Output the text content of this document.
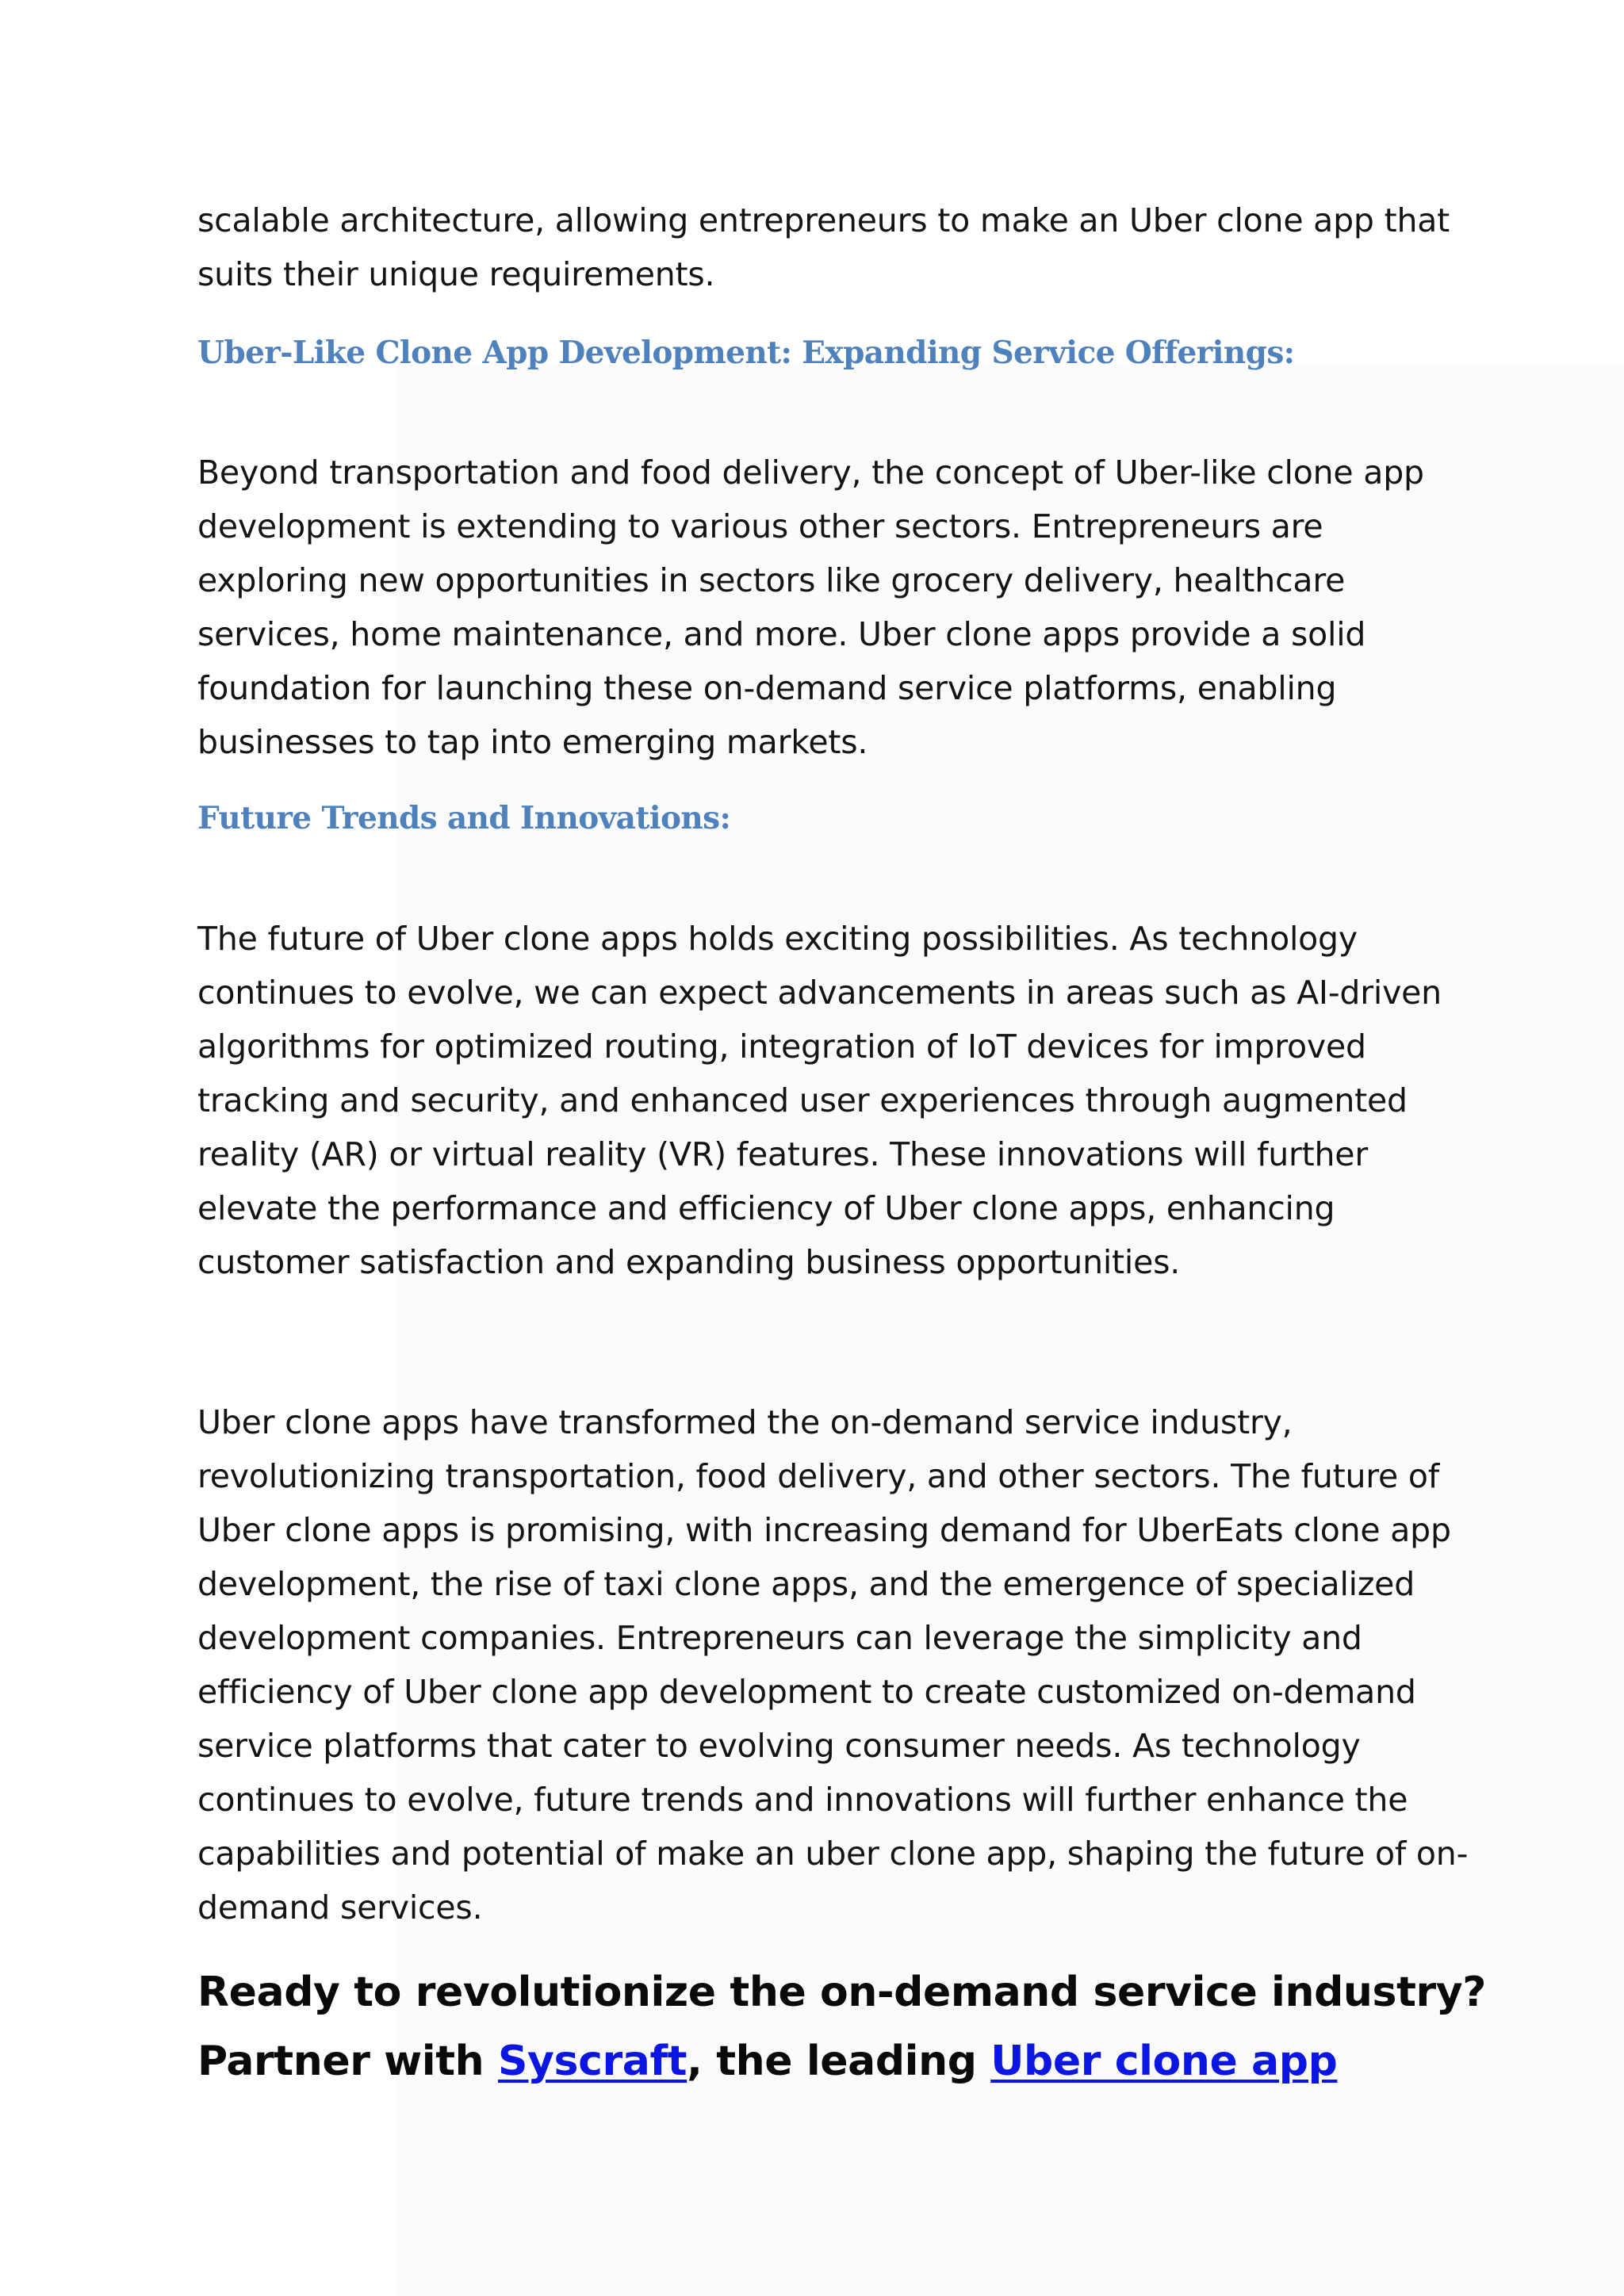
scalable architecture, allowing entrepreneurs to make an Uber clone app that
suits their unique requirements.

Uber-Like Clone App Development: Expanding Service Offerings:

Beyond transportation and food delivery, the concept of Uber-like clone app
development is extending to various other sectors. Entrepreneurs are
exploring new opportunities in sectors like grocery delivery, healthcare
services, home maintenance, and more. Uber clone apps provide a solid
foundation for launching these on-demand service platforms, enabling
businesses to tap into emerging markets.

Future Trends and Innovations:

The future of Uber clone apps holds exciting possibilities. As technology
continues to evolve, we can expect advancements in areas such as AI-driven
algorithms for optimized routing, integration of IoT devices for improved
tracking and security, and enhanced user experiences through augmented
reality (AR) or virtual reality (VR) features. These innovations will further
elevate the performance and efficiency of Uber clone apps, enhancing
customer satisfaction and expanding business opportunities.

Uber clone apps have transformed the on-demand service industry,
revolutionizing transportation, food delivery, and other sectors. The future of
Uber clone apps is promising, with increasing demand for UberEats clone app
development, the rise of taxi clone apps, and the emergence of specialized
development companies. Entrepreneurs can leverage the simplicity and
efficiency of Uber clone app development to create customized on-demand
service platforms that cater to evolving consumer needs. As technology
continues to evolve, future trends and innovations will further enhance the
capabilities and potential of make an uber clone app, shaping the future of on-
demand services.

Ready to revolutionize the on-demand service industry?
Partner with Syscraft, the leading Uber clone app
